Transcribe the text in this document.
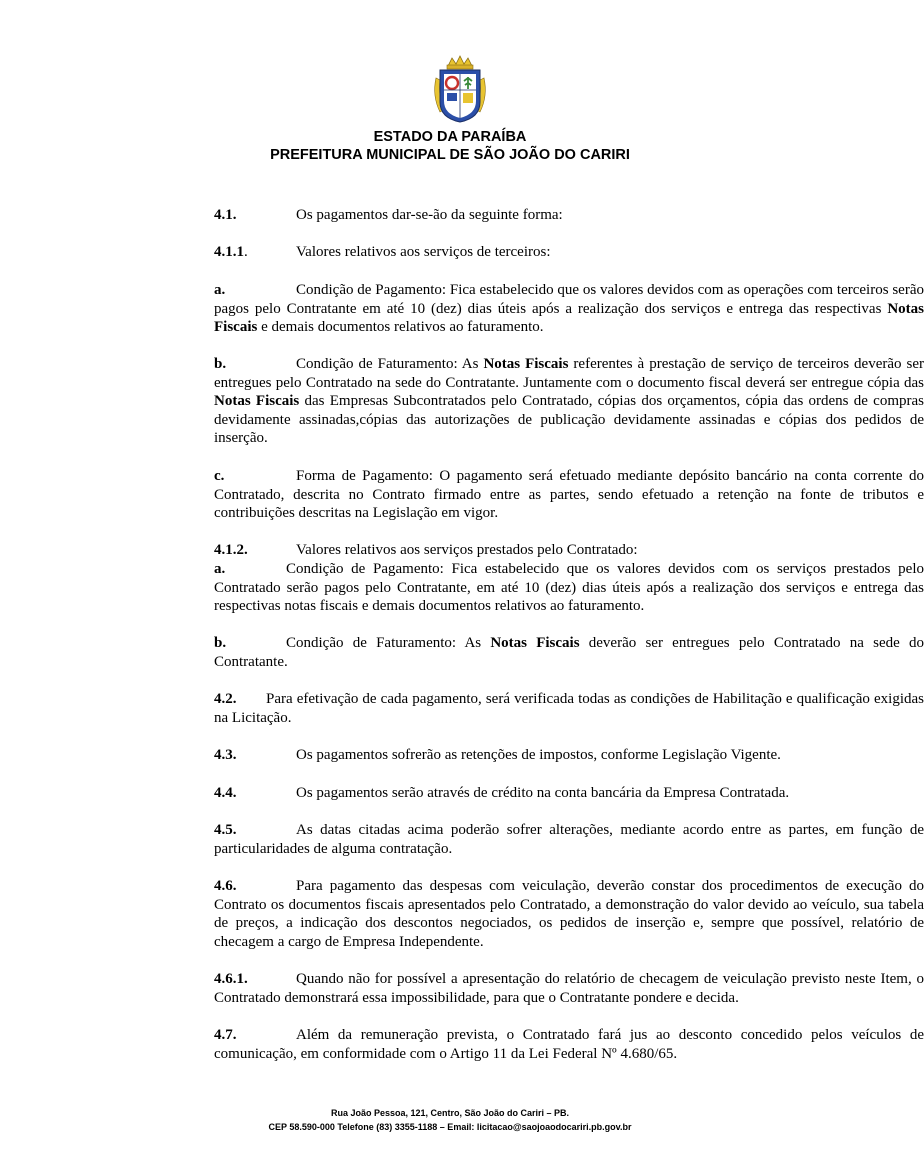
ESTADO DA PARAÍBA
PREFEITURA MUNICIPAL DE SÃO JOÃO DO CARIRI

4.1.	Os pagamentos dar-se-ão da seguinte forma:

4.1.1.	Valores relativos aos serviços de terceiros:

a.	Condição de Pagamento: Fica estabelecido que os valores devidos com as operações com terceiros serão pagos pelo Contratante em até 10 (dez) dias úteis após a realização dos serviços e entrega das respectivas Notas Fiscais e demais documentos relativos ao faturamento.

b.	Condição de Faturamento: As Notas Fiscais referentes à prestação de serviço de terceiros deverão ser entregues pelo Contratado na sede do Contratante. Juntamente com o documento fiscal deverá ser entregue cópia das Notas Fiscais das Empresas Subcontratados pelo Contratado, cópias dos orçamentos, cópia das ordens de compras devidamente assinadas,cópias das autorizações de publicação devidamente assinadas e cópias dos pedidos de inserção.

c.	Forma de Pagamento: O pagamento será efetuado mediante depósito bancário na conta corrente do Contratado, descrita no Contrato firmado entre as partes, sendo efetuado a retenção na fonte de tributos e contribuições descritas na Legislação em vigor.

4.1.2.	Valores relativos aos serviços prestados pelo Contratado:

a.	Condição de Pagamento: Fica estabelecido que os valores devidos com os serviços prestados pelo Contratado serão pagos pelo Contratante, em até 10 (dez) dias úteis após a realização dos serviços e entrega das respectivas notas fiscais e demais documentos relativos ao faturamento.

b.	Condição de Faturamento: As Notas Fiscais deverão ser entregues pelo Contratado na sede do Contratante.

4.2. Para efetivação de cada pagamento, será verificada todas as condições de Habilitação e qualificação exigidas na Licitação.

4.3.	Os pagamentos sofrerão as retenções de impostos, conforme Legislação Vigente.

4.4.	Os pagamentos serão através de crédito na conta bancária da Empresa Contratada.

4.5.	As datas citadas acima poderão sofrer alterações, mediante acordo entre as partes, em função de particularidades de alguma contratação.

4.6.	Para pagamento das despesas com veiculação, deverão constar dos procedimentos de execução do Contrato os documentos fiscais apresentados pelo Contratado, a demonstração do valor devido ao veículo, sua tabela de preços, a indicação dos descontos negociados, os pedidos de inserção e, sempre que possível, relatório de checagem a cargo de Empresa Independente.

4.6.1.	Quando não for possível a apresentação do relatório de checagem de veiculação previsto neste Item, o Contratado demonstrará essa impossibilidade, para que o Contratante pondere e decida.

4.7.	Além da remuneração prevista, o Contratado fará jus ao desconto concedido pelos veículos de comunicação, em conformidade com o Artigo 11 da Lei Federal Nº 4.680/65.

Rua João Pessoa, 121, Centro, São João do Cariri – PB.
CEP 58.590-000 Telefone (83) 3355-1188 – Email: licitacao@saojoaodocariri.pb.gov.br
